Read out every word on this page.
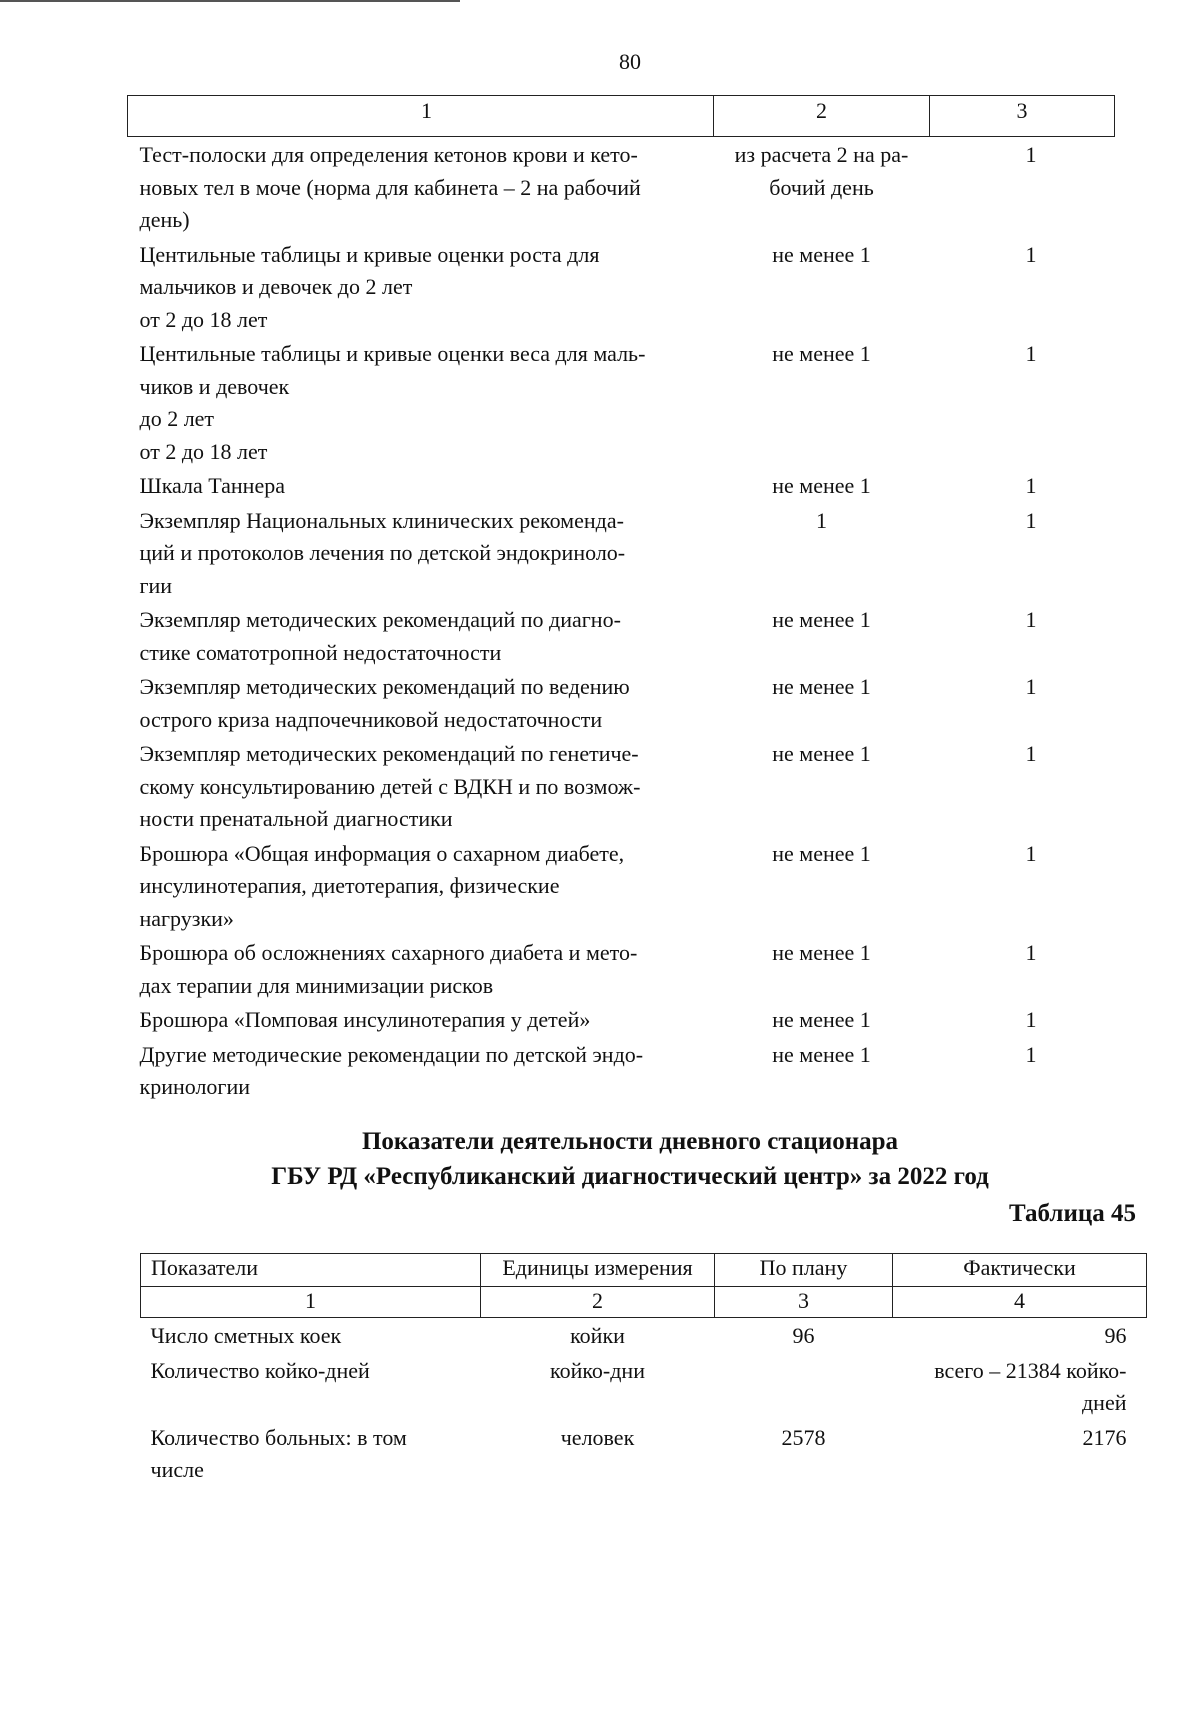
80
1	2	3

Тест-полоски для определения кетонов крови и кето-
новых тел в моче (норма для кабинета – 2 на рабочий
день)	из расчета 2 на ра-
бочий день	1

Центильные таблицы и кривые оценки роста для
мальчиков и девочек до 2 лет
от 2 до 18 лет	не менее 1	1

Центильные таблицы и кривые оценки веса для маль-
чиков и девочек
до 2 лет
от 2 до 18 лет	не менее 1	1

Шкала Таннера	не менее 1	1

Экземпляр Национальных клинических рекоменда-
ций и протоколов лечения по детской эндокриноло-
гии	1	1

Экземпляр методических рекомендаций по диагно-
стике соматотропной недостаточности	не менее 1	1

Экземпляр методических рекомендаций по ведению
острого криза надпочечниковой недостаточности	не менее 1	1

Экземпляр методических рекомендаций по генетиче-
скому консультированию детей с ВДКН и по возмож-
ности пренатальной диагностики	не менее 1	1

Брошюра «Общая информация о сахарном диабете,
инсулинотерапия, диетотерапия, физические
нагрузки»	не менее 1	1

Брошюра об осложнениях сахарного диабета и мето-
дах терапии для минимизации рисков	не менее 1	1

Брошюра «Помповая инсулинотерапия у детей»	не менее 1	1

Другие методические рекомендации по детской эндо-
кринологии	не менее 1	1
Показатели деятельности дневного стационара
ГБУ РД «Республиканский диагностический центр» за 2022 год
Таблица 45
Показатели	Единицы измерения	По плану	Фактически
1	2	3	4

Число сметных коек	койки	96	96

Количество койко-дней	койко-дни		всего – 21384 койко-
дней

Количество больных: в том
числе	человек	2578	2176
